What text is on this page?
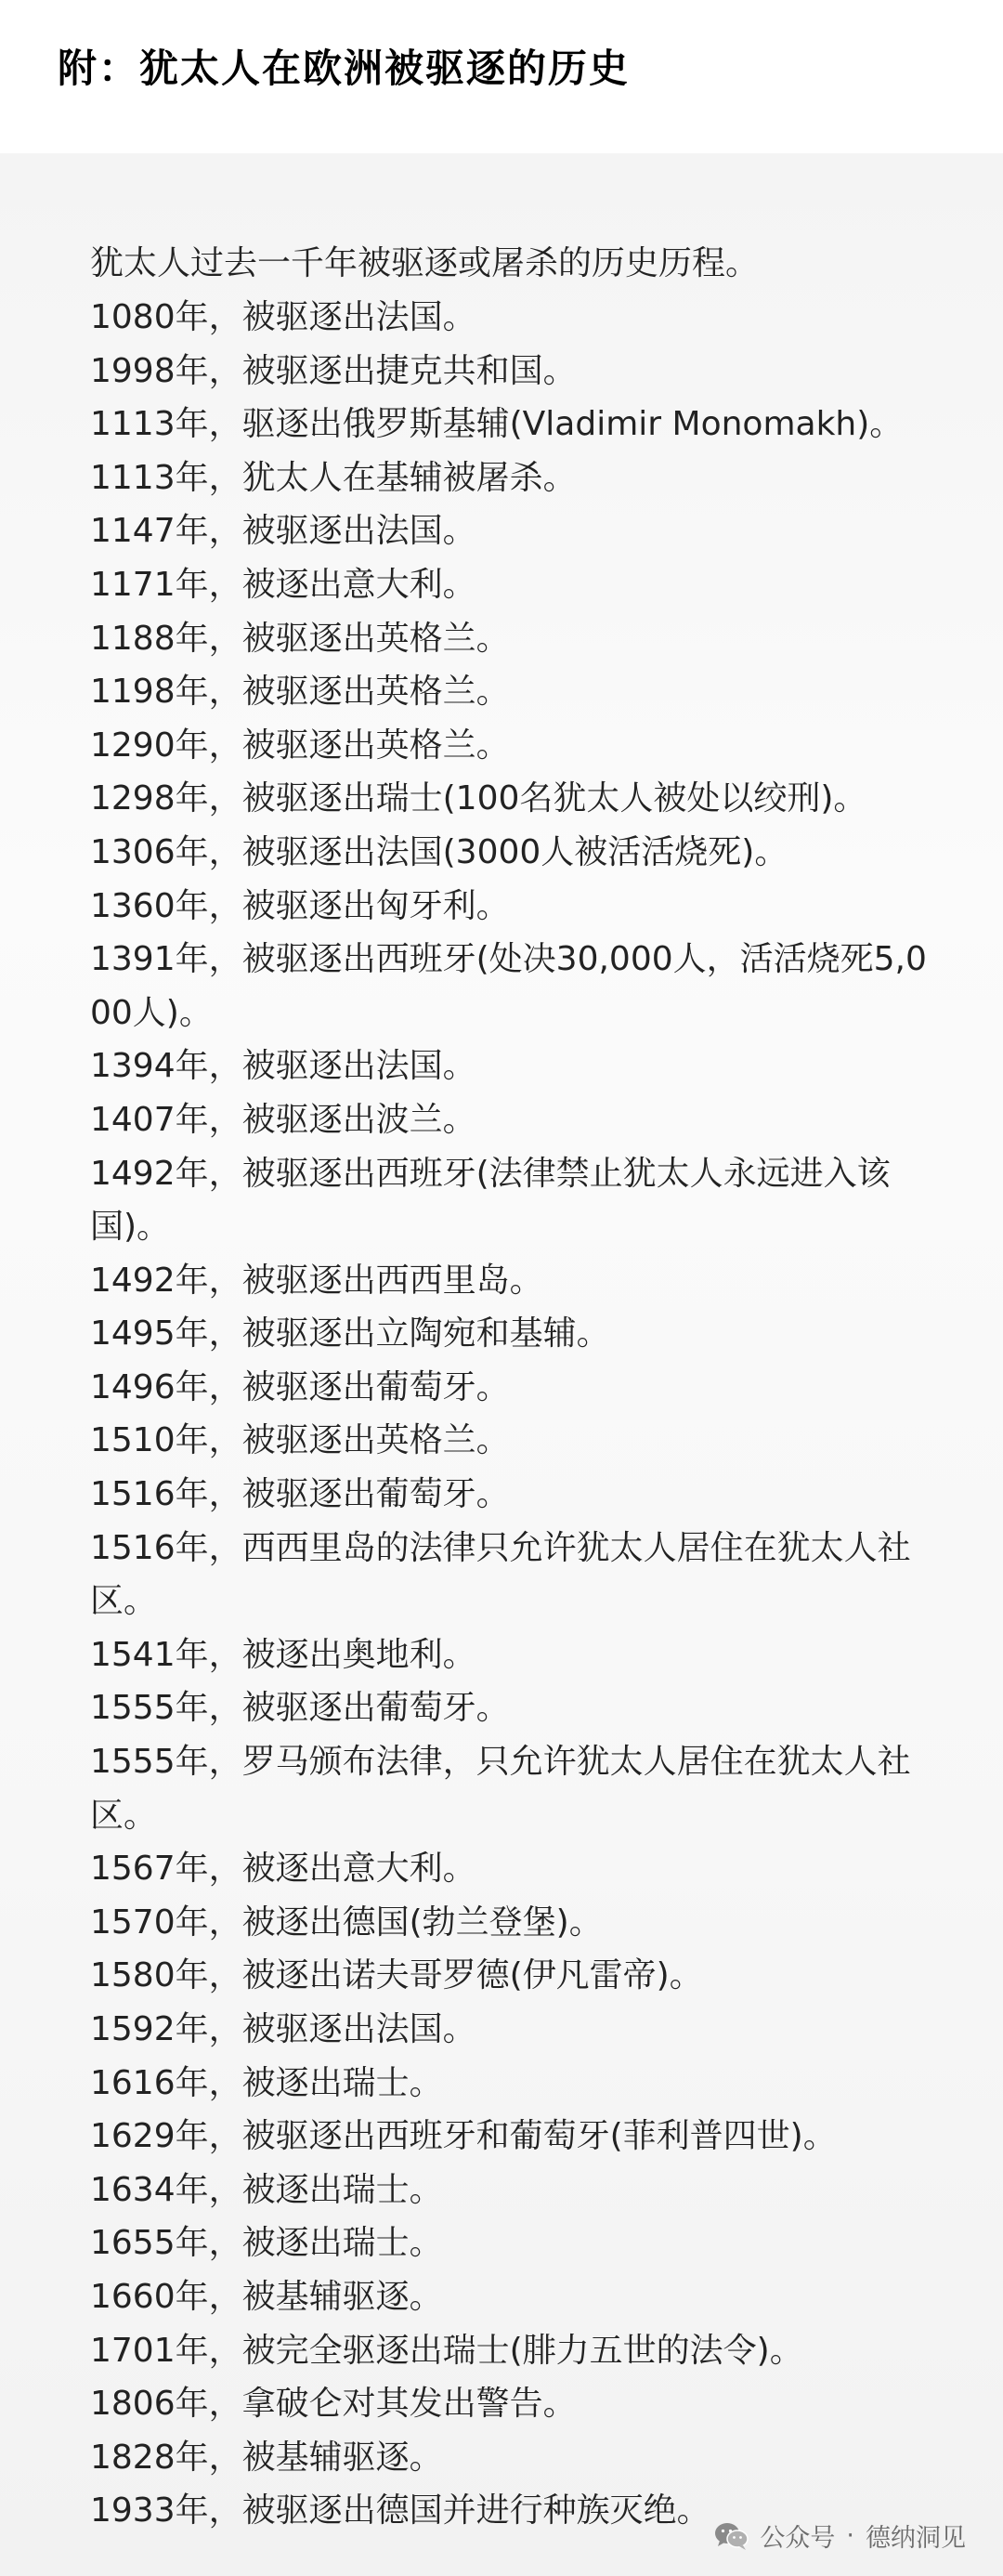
附：犹太人在欧洲被驱逐的历史
犹太人过去一千年被驱逐或屠杀的历史历程。
1080年，被驱逐出法国。
1998年，被驱逐出捷克共和国。
1113年，驱逐出俄罗斯基辅(Vladimir Monomakh)。
1113年，犹太人在基辅被屠杀。
1147年，被驱逐出法国。
1171年，被逐出意大利。
1188年，被驱逐出英格兰。
1198年，被驱逐出英格兰。
1290年，被驱逐出英格兰。
1298年，被驱逐出瑞士(100名犹太人被处以绞刑)。
1306年，被驱逐出法国(3000人被活活烧死)。
1360年，被驱逐出匈牙利。
1391年，被驱逐出西班牙(处决30,000人，活活烧死5,000人)。
1394年，被驱逐出法国。
1407年，被驱逐出波兰。
1492年，被驱逐出西班牙(法律禁止犹太人永远进入该国)。
1492年，被驱逐出西西里岛。
1495年，被驱逐出立陶宛和基辅。
1496年，被驱逐出葡萄牙。
1510年，被驱逐出英格兰。
1516年，被驱逐出葡萄牙。
1516年，西西里岛的法律只允许犹太人居住在犹太人社区。
1541年，被逐出奥地利。
1555年，被驱逐出葡萄牙。
1555年，罗马颁布法律，只允许犹太人居住在犹太人社区。
1567年，被逐出意大利。
1570年，被逐出德国(勃兰登堡)。
1580年，被逐出诺夫哥罗德(伊凡雷帝)。
1592年，被驱逐出法国。
1616年，被逐出瑞士。
1629年，被驱逐出西班牙和葡萄牙(菲利普四世)。
1634年，被逐出瑞士。
1655年，被逐出瑞士。
1660年，被基辅驱逐。
1701年，被完全驱逐出瑞士(腓力五世的法令)。
1806年，拿破仑对其发出警告。
1828年，被基辅驱逐。
1933年，被驱逐出德国并进行种族灭绝。
公众号 · 德纳洞见
